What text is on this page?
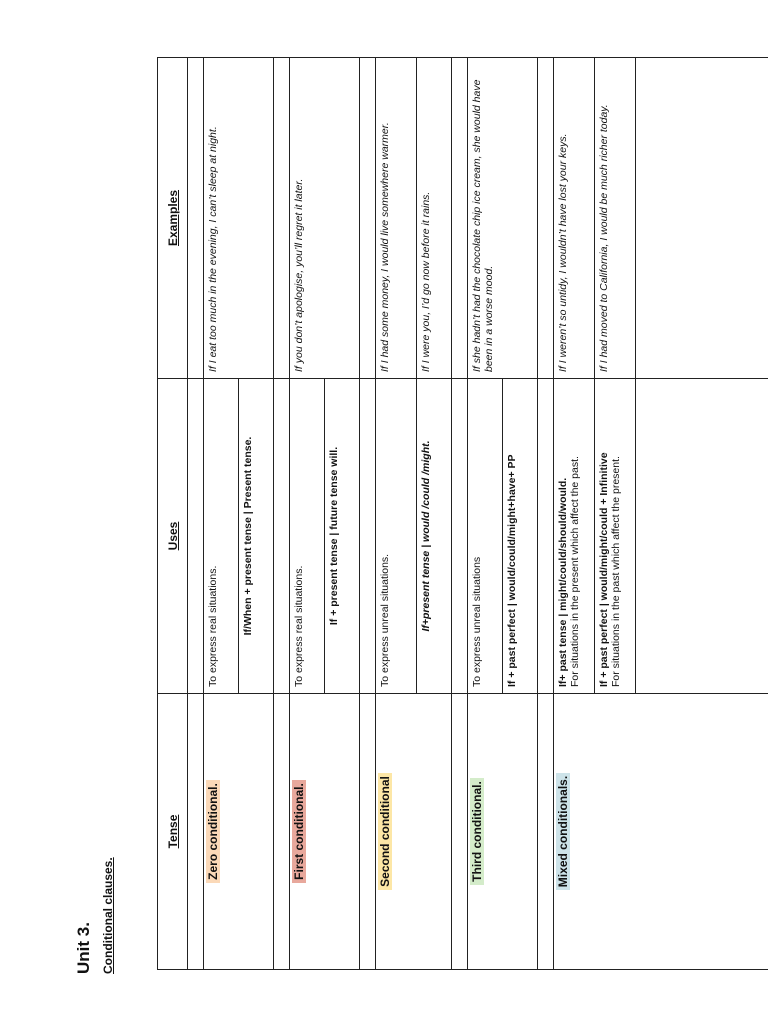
Unit 3. Conditional clauses.

Tense	Uses	Examples

Zero conditional.	To express real situations.	If I eat too much in the evening, I can’t sleep at night.
	If/When + present tense | Present tense.	

First conditional.	To express real situations.	If you don’t apologise, you’ll regret it later.
	If + present tense | future tense will.	

Second conditional	To express unreal situations.	If I had some money, I would live somewhere warmer.
	If+present tense | would /could /might.	If I were you, I’d go now before it rains.

Third conditional.	To express unreal situations	If she hadn’t had the chocolate chip ice cream, she would have been in a worse mood.
	If + past perfect | would/could/might+have+ PP	

Mixed conditionals.	If+ past tense | might/could/should/would. For situations in the present which affect the past.	If I weren’t so untidy, I wouldn’t have lost your keys.
	If + past perfect | would/might/could + Infinitive For situations in the past which affect the present.	If I had moved to California, I would be much richer today.
